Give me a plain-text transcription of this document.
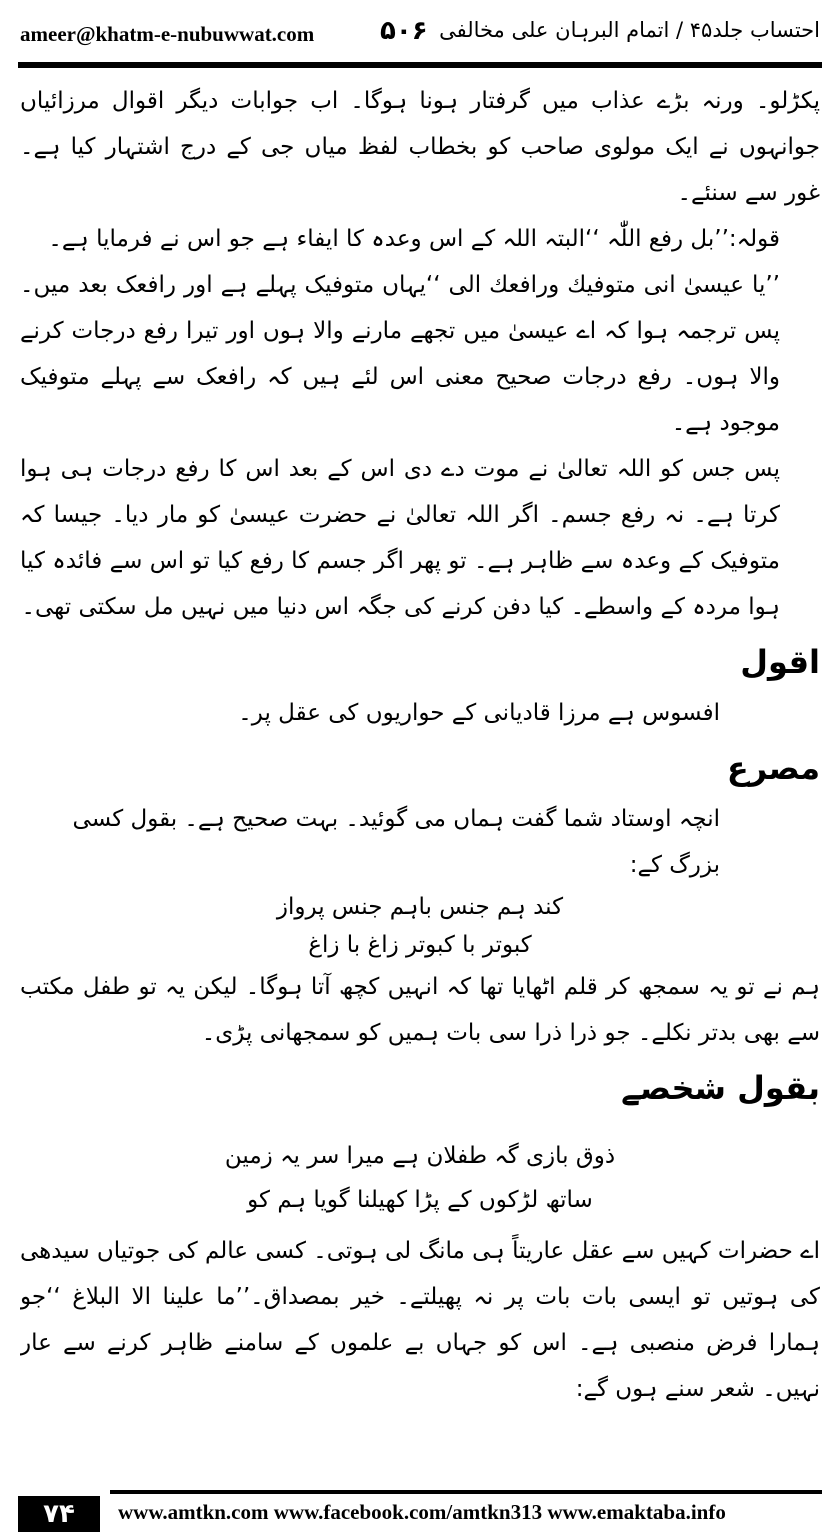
ameer@khatm-e-nubuwwat.com	۵۰۶ احتساب جلد۴۵ / اتمام البرہان علی مخالفی

پکڑلو۔ ورنہ بڑے عذاب میں گرفتار ہونا ہوگا۔ اب جوابات دیگر اقوال مرزائیاں جوانہوں نے ایک مولوی صاحب کو بخطاب لفظ میاں جی کے درج اشتہار کیا ہے۔ غور سے سنئے۔

قولہ:’’بل رفع اللّٰہ ‘‘البتہ اللہ کے اس وعدہ کا ایفاء ہے جو اس نے فرمایا ہے۔

’’یا عیسیٰ انی متوفیك ورافعك الی ‘‘یہاں متوفیک پہلے ہے اور رافعک بعد میں۔ پس ترجمہ ہوا کہ اے عیسیٰ میں تجھے مارنے والا ہوں اور تیرا رفع درجات کرنے والا ہوں۔ رفع درجات صحیح معنی اس لئے ہیں کہ رافعک سے پہلے متوفیک موجود ہے۔

پس جس کو اللہ تعالیٰ نے موت دے دی اس کے بعد اس کا رفع درجات ہی ہوا کرتا ہے۔ نہ رفع جسم۔ اگر اللہ تعالیٰ نے حضرت عیسیٰ کو مار دیا۔ جیسا کہ متوفیک کے وعدہ سے ظاہر ہے۔ تو پھر اگر جسم کا رفع کیا تو اس سے فائدہ کیا ہوا مردہ کے واسطے۔ کیا دفن کرنے کی جگہ اس دنیا میں نہیں مل سکتی تھی۔

اقول

افسوس ہے مرزا قادیانی کے حواریوں کی عقل پر۔

مصرع

انچہ اوستاد شما گفت ہماں می گوئید۔ بہت صحیح ہے۔ بقول کسی بزرگ کے:

کند ہم جنس باہم جنس پرواز
کبوتر با کبوتر زاغ با زاغ

ہم نے تو یہ سمجھ کر قلم اٹھایا تھا کہ انہیں کچھ آتا ہوگا۔ لیکن یہ تو طفل مکتب سے بھی بدتر نکلے۔ جو ذرا ذرا سی بات ہمیں کو سمجھانی پڑی۔

بقول شخصے
ذوق بازی گہ طفلان ہے میرا سر یہ زمین
ساتھ لڑکوں کے پڑا کھیلنا گویا ہم کو

اے حضرات کہیں سے عقل عاریتاً ہی مانگ لی ہوتی۔ کسی عالم کی جوتیاں سیدھی کی ہوتیں تو ایسی بات بات پر نہ پھیلتے۔ خیر بمصداق۔’’ما علینا الا البلاغ ‘‘جو ہمارا فرض منصبی ہے۔ اس کو جہاں بے علموں کے سامنے ظاہر کرنے سے عار نہیں۔ شعر سنے ہوں گے:

۷۴	www.amtkn.com www.facebook.com/amtkn313 www.emaktaba.info
